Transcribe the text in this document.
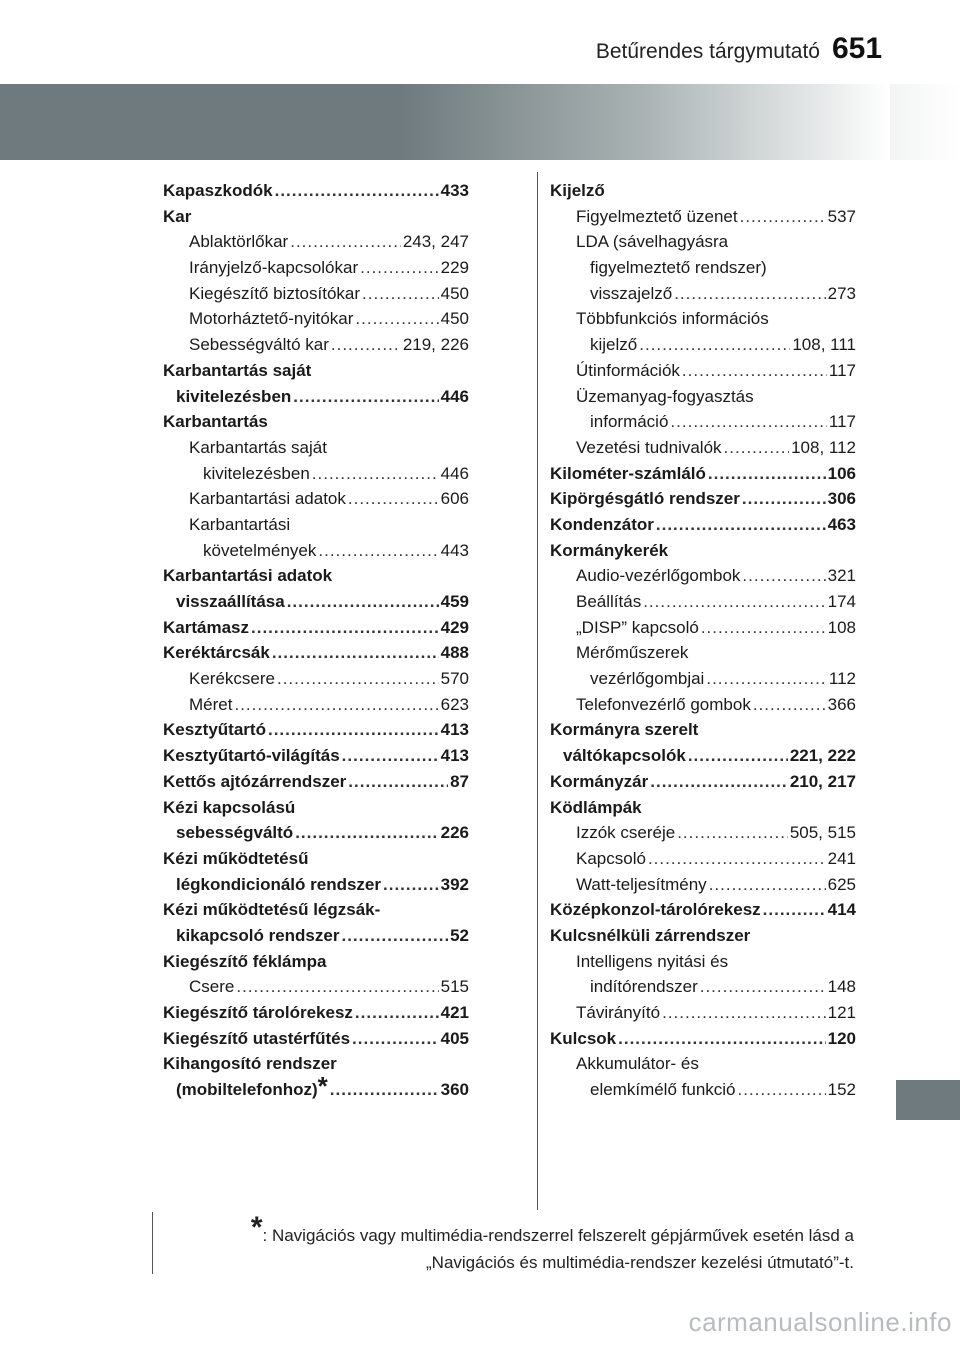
Betűrendes tárgymutató 651
Kapaszkodók .....	433
Kar
Ablaktörlőkar .....	243, 247
Irányjelző-kapcsolókar .....	229
Kiegészítő biztosítókar .....	450
Motorháztető-nyitókar .....	450
Sebességváltó kar .....	219, 226
Karbantartás saját
kivitelezésben .....	446
Karbantartás
Karbantartás saját
kivitelezésben .....	446
Karbantartási adatok .....	606
Karbantartási
követelmények .....	443
Karbantartási adatok
visszaállítása .....	459
Kartámasz .....	429
Keréktárcsák .....	488
Kerékcsere .....	570
Méret .....	623
Kesztyűtartó .....	413
Kesztyűtartó-világítás .....	413
Kettős ajtózárrendszer .....	87
Kézi kapcsolású
sebességváltó .....	226
Kézi működtetésű
légkondicionáló rendszer .....	392
Kézi működtetésű légzsák-
kikapcsoló rendszer .....	52
Kiegészítő féklámpa
Csere .....	515
Kiegészítő tárolórekesz .....	421
Kiegészítő utastérfűtés .....	405
Kihangosító rendszer
(mobiltelefonhoz) * .....	360
Kijelző
Figyelmeztető üzenet .....	537
LDA (sávelhagyásra
figyelmeztető rendszer)
visszajelző .....	273
Többfunkciós információs
kijelző .....	108, 111
Útinformációk .....	117
Üzemanyag-fogyasztás
információ .....	117
Vezetési tudnivalók .....	108, 112
Kilométer-számláló .....	106
Kipörgésgátló rendszer .....	306
Kondenzátor .....	463
Kormánykerék
Audio-vezérlőgombok .....	321
Beállítás .....	174
„DISP” kapcsoló .....	108
Mérőműszerek
vezérlőgombjai .....	112
Telefonvezérlő gombok .....	366
Kormányra szerelt
váltókapcsolók .....	221, 222
Kormányzár .....	210, 217
Ködlámpák
Izzók cseréje .....	505, 515
Kapcsoló .....	241
Watt-teljesítmény .....	625
Középkonzol-tárolórekesz .....	414
Kulcsnélküli zárrendszer
Intelligens nyitási és
indítórendszer .....	148
Távirányító .....	121
Kulcsok .....	120
Akkumulátor- és
elemkímélő funkció .....	152
*: Navigációs vagy multimédia-rendszerrel felszerelt gépjárművek esetén lásd a
„Navigációs és multimédia-rendszer kezelési útmutató”-t.
carmanualsonline.info
